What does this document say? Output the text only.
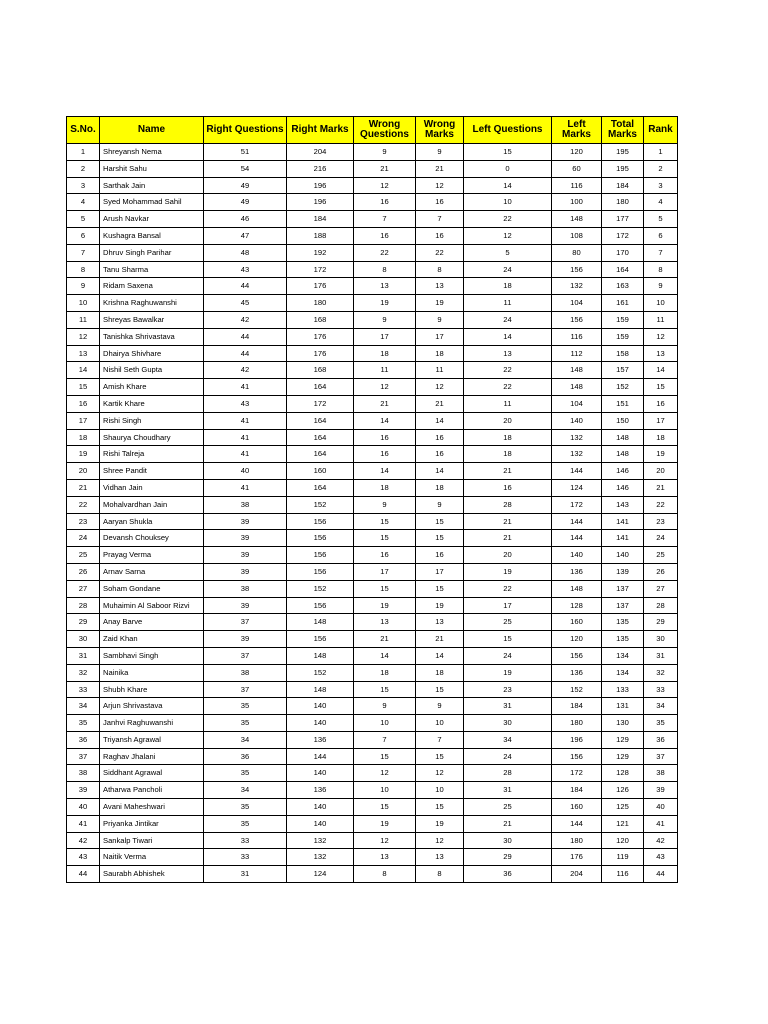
S.No.	Name	Right Questions	Right Marks	Wrong Questions	Wrong Marks	Left Questions	Left Marks	Total Marks	Rank
1	Shreyansh Nema	51	204	9	9	15	120	195	1
2	Harshit Sahu	54	216	21	21	0	60	195	2
3	Sarthak Jain	49	196	12	12	14	116	184	3
4	Syed Mohammad Sahil	49	196	16	16	10	100	180	4
5	Arush Navkar	46	184	7	7	22	148	177	5
6	Kushagra Bansal	47	188	16	16	12	108	172	6
7	Dhruv Singh Parihar	48	192	22	22	5	80	170	7
8	Tanu Sharma	43	172	8	8	24	156	164	8
9	Ridam Saxena	44	176	13	13	18	132	163	9
10	Krishna Raghuwanshi	45	180	19	19	11	104	161	10
11	Shreyas Bawalkar	42	168	9	9	24	156	159	11
12	Tanishka Shrivastava	44	176	17	17	14	116	159	12
13	Dhairya Shivhare	44	176	18	18	13	112	158	13
14	Nishil Seth Gupta	42	168	11	11	22	148	157	14
15	Amish Khare	41	164	12	12	22	148	152	15
16	Kartik Khare	43	172	21	21	11	104	151	16
17	Rishi Singh	41	164	14	14	20	140	150	17
18	Shaurya Choudhary	41	164	16	16	18	132	148	18
19	Rishi Talreja	41	164	16	16	18	132	148	19
20	Shree Pandit	40	160	14	14	21	144	146	20
21	Vidhan Jain	41	164	18	18	16	124	146	21
22	Mohalvardhan Jain	38	152	9	9	28	172	143	22
23	Aaryan Shukla	39	156	15	15	21	144	141	23
24	Devansh Chouksey	39	156	15	15	21	144	141	24
25	Prayag Verma	39	156	16	16	20	140	140	25
26	Arnav Sarna	39	156	17	17	19	136	139	26
27	Soham Gondane	38	152	15	15	22	148	137	27
28	Muhaimin Al Saboor Rizvi	39	156	19	19	17	128	137	28
29	Anay Barve	37	148	13	13	25	160	135	29
30	Zaid Khan	39	156	21	21	15	120	135	30
31	Sambhavi Singh	37	148	14	14	24	156	134	31
32	Nainika	38	152	18	18	19	136	134	32
33	Shubh Khare	37	148	15	15	23	152	133	33
34	Arjun Shrivastava	35	140	9	9	31	184	131	34
35	Janhvi Raghuwanshi	35	140	10	10	30	180	130	35
36	Triyansh Agrawal	34	136	7	7	34	196	129	36
37	Raghav Jhalani	36	144	15	15	24	156	129	37
38	Siddhant Agrawal	35	140	12	12	28	172	128	38
39	Atharwa Pancholi	34	136	10	10	31	184	126	39
40	Avani Maheshwari	35	140	15	15	25	160	125	40
41	Priyanka Jintikar	35	140	19	19	21	144	121	41
42	Sankalp Tiwari	33	132	12	12	30	180	120	42
43	Naitik Verma	33	132	13	13	29	176	119	43
44	Saurabh Abhishek	31	124	8	8	36	204	116	44
